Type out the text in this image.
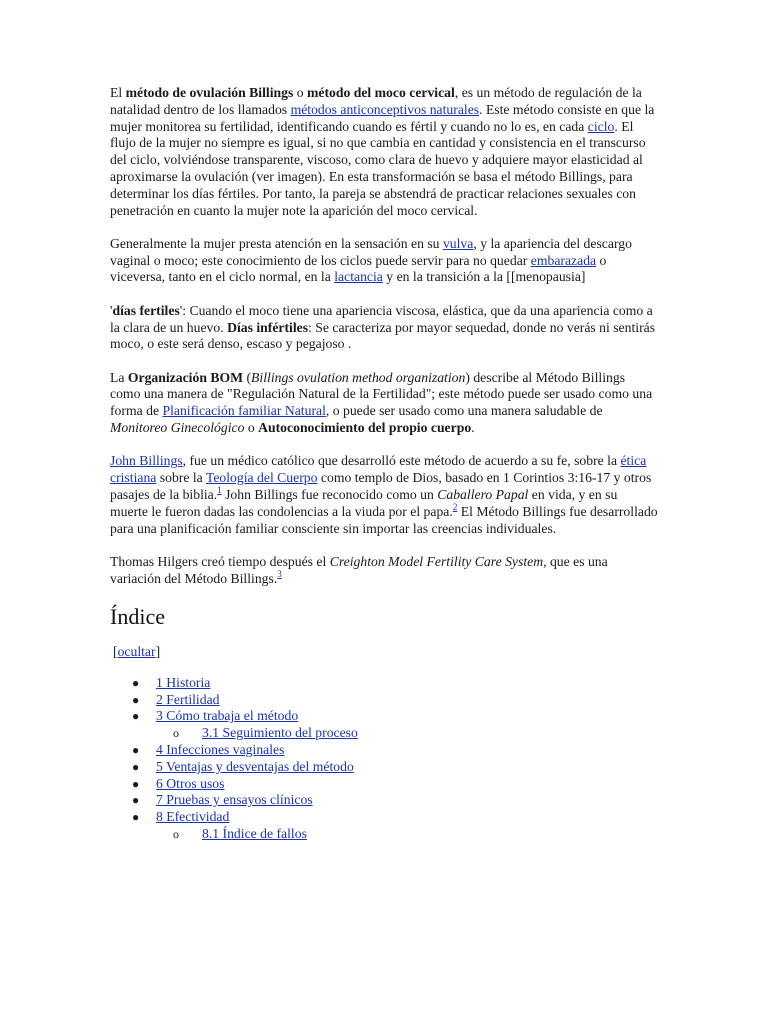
El método de ovulación Billings o método del moco cervical, es un método de regulación de la natalidad dentro de los llamados métodos anticonceptivos naturales. Este método consiste en que la mujer monitorea su fertilidad, identificando cuando es fértil y cuando no lo es, en cada ciclo. El flujo de la mujer no siempre es igual, si no que cambia en cantidad y consistencia en el transcurso del ciclo, volviéndose transparente, viscoso, como clara de huevo y adquiere mayor elasticidad al aproximarse la ovulación (ver imagen). En esta transformación se basa el método Billings, para determinar los días fértiles. Por tanto, la pareja se abstendrá de practicar relaciones sexuales con penetración en cuanto la mujer note la aparición del moco cervical.

Generalmente la mujer presta atención en la sensación en su vulva, y la apariencia del descargo vaginal o moco; este conocimiento de los ciclos puede servir para no quedar embarazada o viceversa, tanto en el ciclo normal, en la lactancia y en la transición a la [[menopausia]

'días fertiles': Cuando el moco tiene una apariencia viscosa, elástica, que da una apariencia como a la clara de un huevo. Días infértiles: Se caracteriza por mayor sequedad, donde no verás ni sentirás moco, o este será denso, escaso y pegajoso .

La Organización BOM (Billings ovulation method organization) describe al Método Billings como una manera de "Regulación Natural de la Fertilidad"; este método puede ser usado como una forma de Planificación familiar Natural, o puede ser usado como una manera saludable de Monitoreo Ginecológico o Autoconocimiento del propio cuerpo.

John Billings, fue un médico católico que desarrolló este método de acuerdo a su fe, sobre la ética cristiana sobre la Teología del Cuerpo como templo de Dios, basado en 1 Corintios 3:16-17 y otros pasajes de la biblia.$^1$ John Billings fue reconocido como un Caballero Papal en vida, y en su muerte le fueron dadas las condolencias a la viuda por el papa.$^2$ El Método Billings fue desarrollado para una planificación familiar consciente sin importar las creencias individuales.

Thomas Hilgers creó tiempo después el Creighton Model Fertility Care System, que es una variación del Método Billings.$^3$

Índice
[ocultar]
● 1 Historia
● 2 Fertilidad
● 3 Cómo trabaja el método
o 3.1 Seguimiento del proceso
● 4 Infecciones vaginales
● 5 Ventajas y desventajas del método
● 6 Otros usos
● 7 Pruebas y ensayos clínicos
● 8 Efectividad
o 8.1 Índice de fallos
